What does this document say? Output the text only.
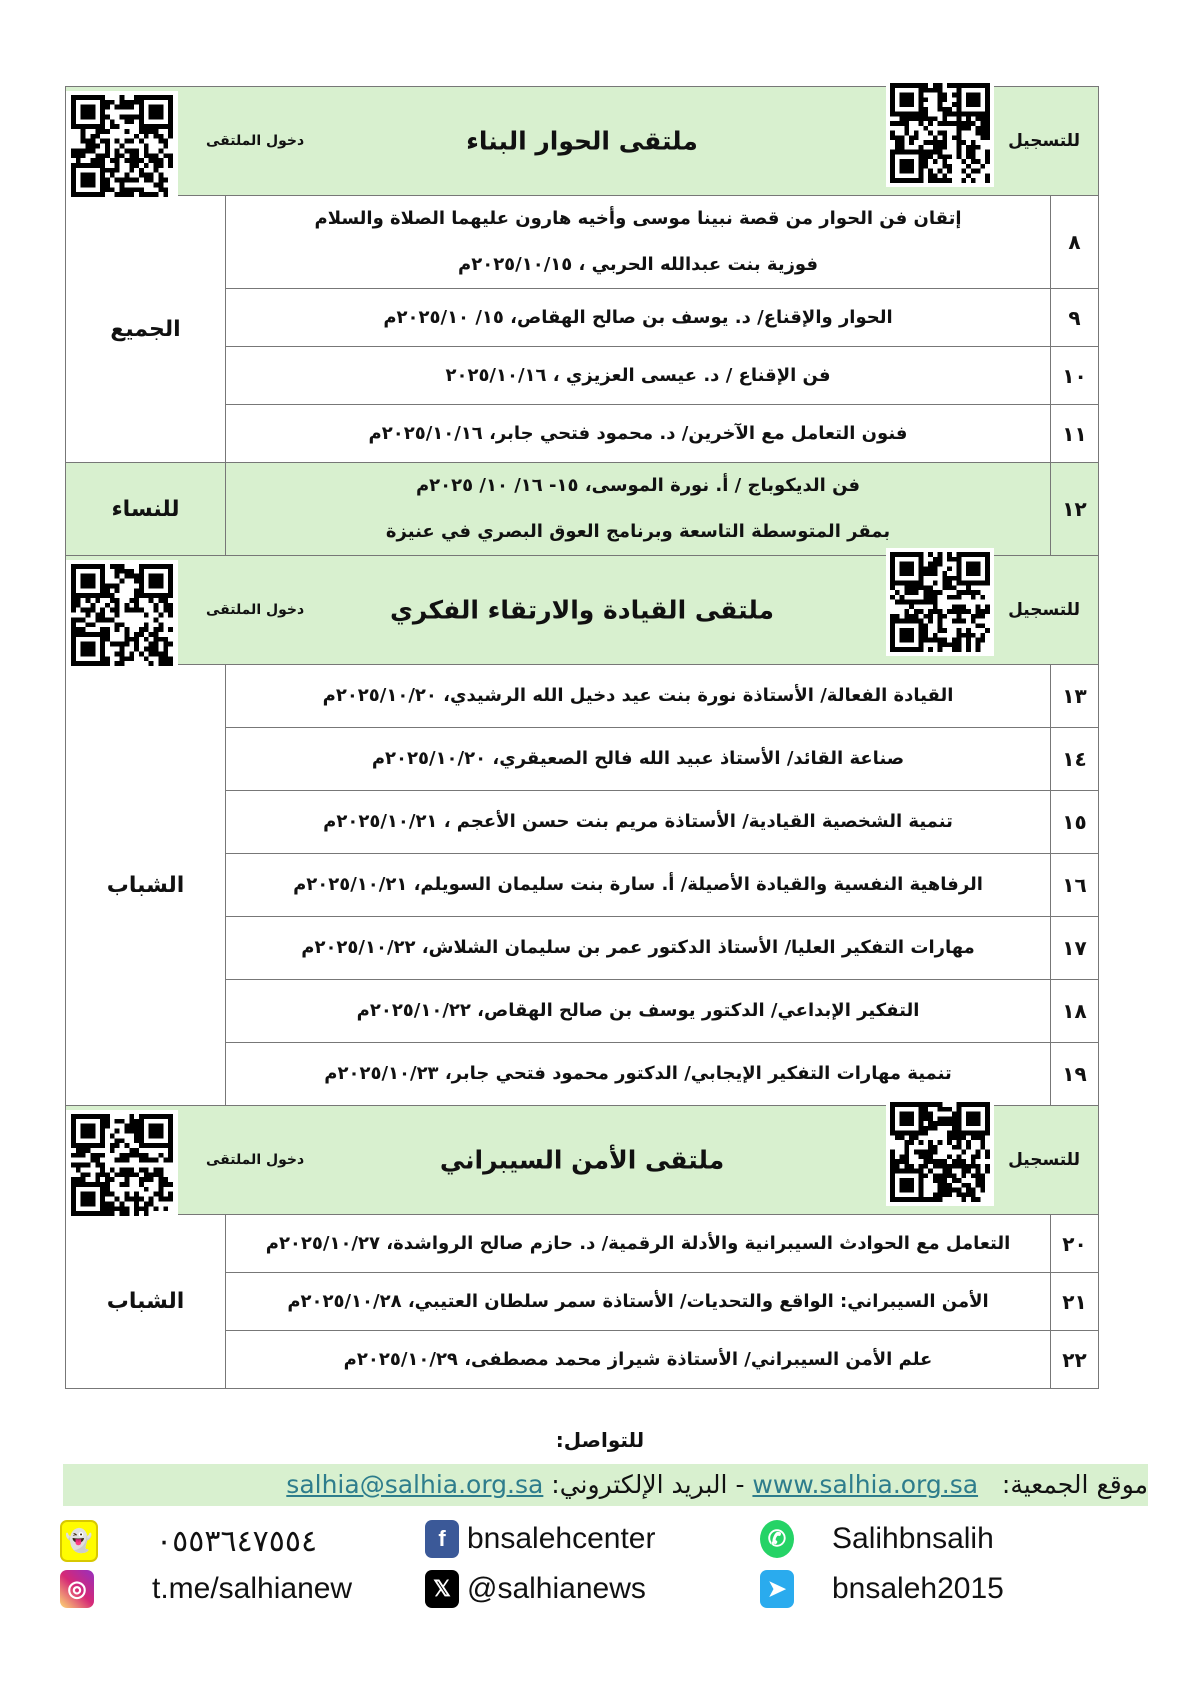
للتسجيل
ملتقى الحوار البناء
دخول الملتقى		

٨	إتقان فن الحوار من قصة نبينا موسى وأخيه هارون عليهما الصلاة والسلام
فوزية بنت عبدالله الحربي ، ٢٠٢٥/١٠/١٥م	الجميع
٩	الحوار والإقناع/ د. يوسف بن صالح الهقاص، ١٥/ ٢٠٢٥/١٠م	

١٠	فن الإقناع / د. عيسى العزيزي ، ٢٠٢٥/١٠/١٦	

١١	فنون التعامل مع الآخرين/ د. محمود فتحي جابر، ٢٠٢٥/١٠/١٦م	

١٢	فن الديكوباج / أ. نورة الموسى، ١٥- ١٦/ ١٠/ ٢٠٢٥م
بمقر المتوسطة التاسعة وبرنامج العوق البصري في عنيزة	للنساء

للتسجيل
ملتقى القيادة والارتقاء الفكري
دخول الملتقى		

١٣	القيادة الفعالة/ الأستاذة نورة بنت عيد دخيل الله الرشيدي، ٢٠٢٥/١٠/٢٠م	الشباب
١٤	صناعة القائد/ الأستاذ عبيد الله فالح الصعيقري، ٢٠٢٥/١٠/٢٠م	

١٥	تنمية الشخصية القيادية/ الأستاذة مريم بنت حسن الأعجم ، ٢٠٢٥/١٠/٢١م	

١٦	الرفاهية النفسية والقيادة الأصيلة/ أ. سارة بنت سليمان السويلم، ٢٠٢٥/١٠/٢١م	

١٧	مهارات التفكير العليا/ الأستاذ الدكتور عمر بن سليمان الشلاش، ٢٠٢٥/١٠/٢٢م	

١٨	التفكير الإبداعي/ الدكتور يوسف بن صالح الهقاص، ٢٠٢٥/١٠/٢٢م	

١٩	تنمية مهارات التفكير الإيجابي/ الدكتور محمود فتحي جابر، ٢٠٢٥/١٠/٢٣م	

للتسجيل
ملتقى الأمن السيبراني
دخول الملتقى		

٢٠	التعامل مع الحوادث السيبرانية والأدلة الرقمية/ د. حازم صالح الرواشدة، ٢٠٢٥/١٠/٢٧م	الشباب
٢١	الأمن السيبراني: الواقع والتحديات/ الأستاذة سمر سلطان العتيبي، ٢٠٢٥/١٠/٢٨م	

٢٢	علم الأمن السيبراني/ الأستاذة شيراز محمد مصطفى، ٢٠٢٥/١٠/٢٩م	
للتواصل:
موقع الجمعية:   www.salhia.org.sa - البريد الإلكتروني: salhia@salhia.org.sa
👻 ٠٥٥٣٦٤٧٥٥٤	f bnsalehcenter	✆ Salihbnsalih
◎ t.me/salhianew	𝕏 @salhianews	➤ bnsaleh2015
